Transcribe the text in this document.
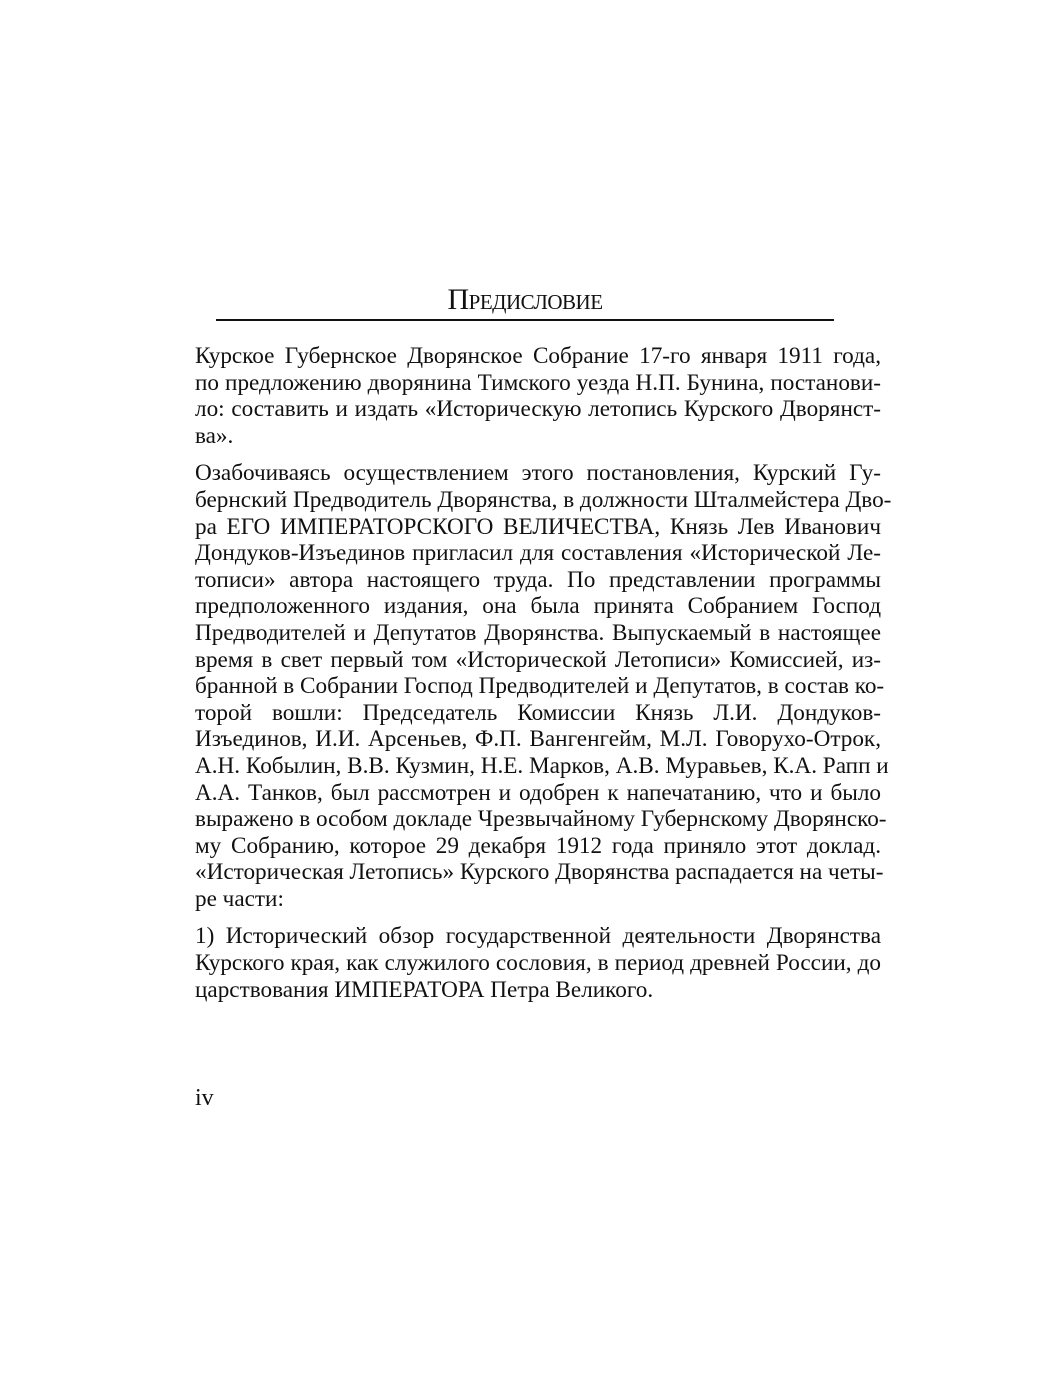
Предисловие

Курское Губернское Дворянское Собрание 17-го января 1911 года,
по предложению дворянина Тимского уезда Н.П. Бунина, постанови-
ло: составить и издать «Историческую летопись Курского Дворянст-
ва».

Озабочиваясь осуществлением этого постановления, Курский Гу-
бернский Предводитель Дворянства, в должности Шталмейстера Дво-
ра ЕГО ИМПЕРАТОРСКОГО ВЕЛИЧЕСТВА, Князь Лев Иванович
Дондуков-Изъединов пригласил для составления «Исторической Ле-
тописи» автора настоящего труда. По представлении программы
предположенного издания, она была принята Собранием Господ
Предводителей и Депутатов Дворянства. Выпускаемый в настоящее
время в свет первый том «Исторической Летописи» Комиссией, из-
бранной в Собрании Господ Предводителей и Депутатов, в состав ко-
торой вошли: Председатель Комиссии Князь Л.И. Дондуков-
Изъединов, И.И. Арсеньев, Ф.П. Вангенгейм, М.Л. Говорухо-Отрок,
А.Н. Кобылин, В.В. Кузмин, Н.Е. Марков, А.В. Муравьев, К.А. Рапп и
А.А. Танков, был рассмотрен и одобрен к напечатанию, что и было
выражено в особом докладе Чрезвычайному Губернскому Дворянско-
му Собранию, которое 29 декабря 1912 года приняло этот доклад.
«Историческая Летопись» Курского Дворянства распадается на четы-
ре части:

1) Исторический обзор государственной деятельности Дворянства
Курского края, как служилого сословия, в период древней России, до
царствования ИМПЕРАТОРА Петра Великого.

iv
